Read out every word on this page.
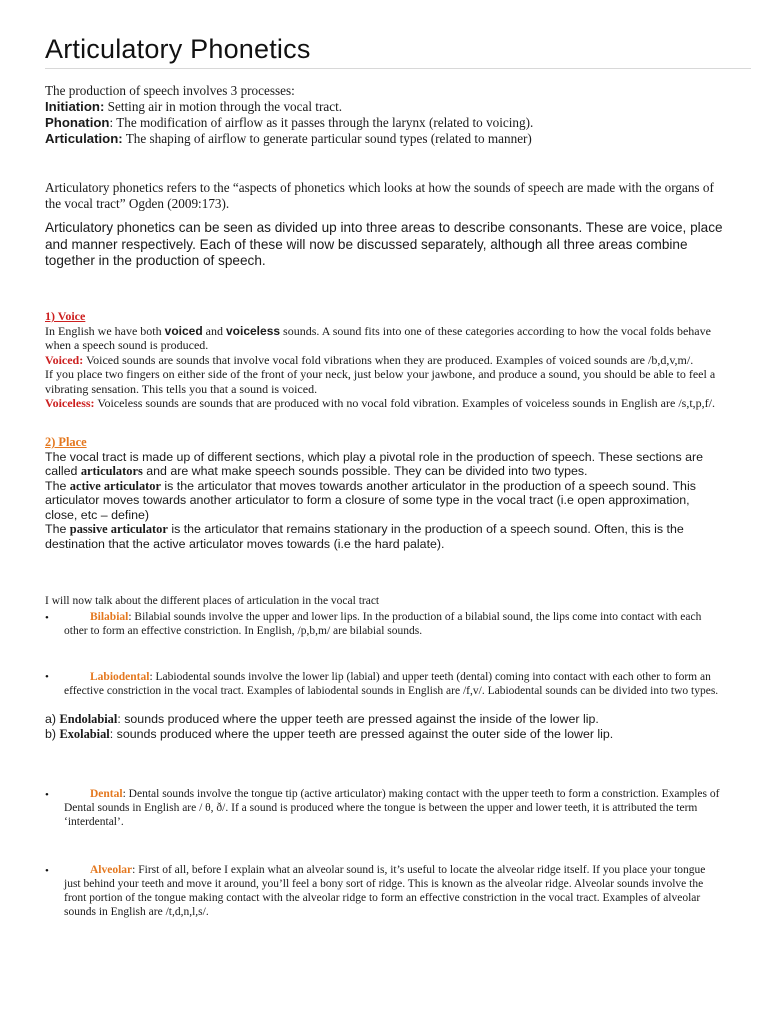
Articulatory Phonetics

The production of speech involves 3 processes:

Initiation: Setting air in motion through the vocal tract.

Phonation: The modification of airflow as it passes through the larynx (related to voicing).

Articulation: The shaping of airflow to generate particular sound types (related to manner)

Articulatory phonetics refers to the “aspects of phonetics which looks at how the sounds of speech are made with the organs of the vocal tract” Ogden (2009:173).

Articulatory phonetics can be seen as divided up into three areas to describe consonants. These are voice, place and manner respectively. Each of these will now be discussed separately, although all three areas combine together in the production of speech.

1) Voice

In English we have both voiced and voiceless sounds. A sound fits into one of these categories according to how the vocal folds behave when a speech sound is produced.

Voiced: Voiced sounds are sounds that involve vocal fold vibrations when they are produced. Examples of voiced sounds are /b,d,v,m/.

If you place two fingers on either side of the front of your neck, just below your jawbone, and produce a sound, you should be able to feel a vibrating sensation. This tells you that a sound is voiced.

Voiceless: Voiceless sounds are sounds that are produced with no vocal fold vibration. Examples of voiceless sounds in English are /s,t,p,f/.

2) Place

The vocal tract is made up of different sections, which play a pivotal role in the production of speech. These sections are called articulators and are what make speech sounds possible. They can be divided into two types.

The active articulator is the articulator that moves towards another articulator in the production of a speech sound. This articulator moves towards another articulator to form a closure of some type in the vocal tract (i.e open approximation, close, etc – define)

The passive articulator is the articulator that remains stationary in the production of a speech sound. Often, this is the destination that the active articulator moves towards (i.e the hard palate).

I will now talk about the different places of articulation in the vocal tract

•	Bilabial: Bilabial sounds involve the upper and lower lips. In the production of a bilabial sound, the lips come into contact with each other to form an effective constriction. In English, /p,b,m/ are bilabial sounds.

•	Labiodental: Labiodental sounds involve the lower lip (labial) and upper teeth (dental) coming into contact with each other to form an effective constriction in the vocal tract. Examples of labiodental sounds in English are /f,v/. Labiodental sounds can be divided into two types.

a) Endolabial: sounds produced where the upper teeth are pressed against the inside of the lower lip.

b) Exolabial: sounds produced where the upper teeth are pressed against the outer side of the lower lip.

•	Dental: Dental sounds involve the tongue tip (active articulator) making contact with the upper teeth to form a constriction. Examples of Dental sounds in English are / θ, ð/. If a sound is produced where the tongue is between the upper and lower teeth, it is attributed the term ‘interdental’.

•	Alveolar: First of all, before I explain what an alveolar sound is, it’s useful to locate the alveolar ridge itself. If you place your tongue just behind your teeth and move it around, you’ll feel a bony sort of ridge. This is known as the alveolar ridge. Alveolar sounds involve the front portion of the tongue making contact with the alveolar ridge to form an effective constriction in the vocal tract. Examples of alveolar sounds in English are /t,d,n,l,s/.
